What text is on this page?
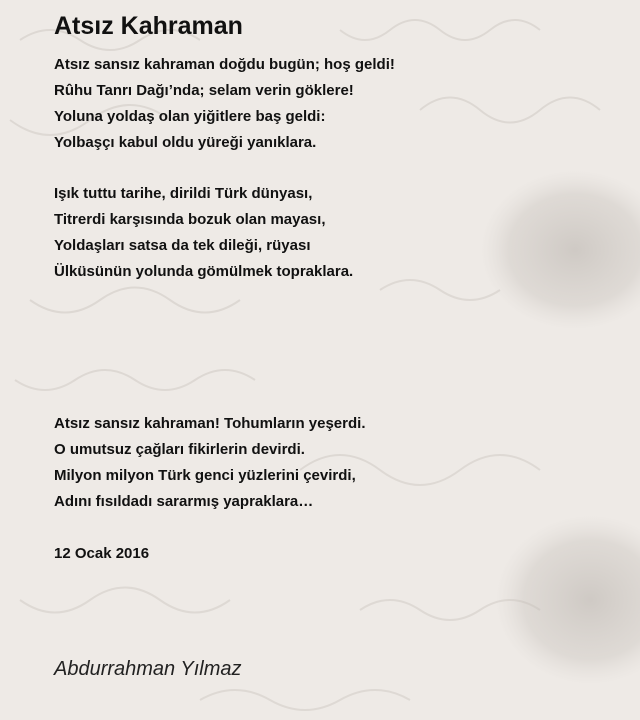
Atsız Kahraman
Atsız sansız kahraman doğdu bugün; hoş geldi!
Rûhu Tanrı Dağı’nda; selam verin göklere!
Yoluna yoldaş olan yiğitlere baş geldi:
Yolbaşçı kabul oldu yüreği yanıklara.
Işık tuttu tarihe, dirildi Türk dünyası,
Titrerdi karşısında bozuk olan mayası,
Yoldaşları satsa da tek dileği, rüyası
Ülküsünün yolunda gömülmek topraklara.
Atsız sansız kahraman! Tohumların yeşerdi.
O umutsuz çağları fikirlerin devirdi.
Milyon milyon Türk genci yüzlerini çevirdi,
Adını fısıldadı sararmış yapraklara…
12 Ocak 2016
Abdurrahman Yılmaz
